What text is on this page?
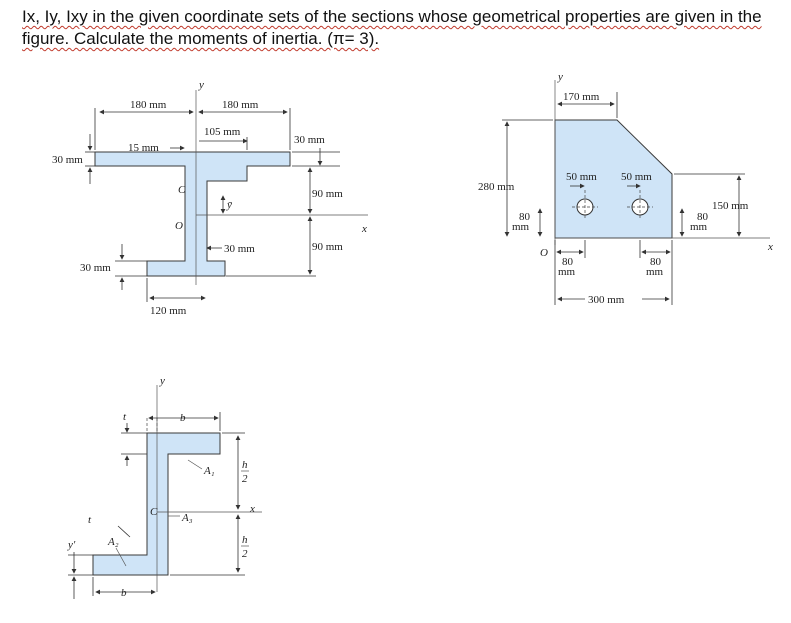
Ix, Iy, Ixy in the given coordinate sets of the sections whose geometrical properties are given in the
figure. Calculate the moments of inertia. (π= 3).
y
x
180 mm	180 mm
105 mm
15 mm
30 mm
30 mm
90 mm
90 mm
30 mm
30 mm
120 mm
C
O
ȳ
y
x
170 mm
280 mm
50 mm 50 mm
80
mm
150 mm
80
mm
80
mm
80
mm
300 mm
O
y
x
b
t
A₁
A₃
C
h
2
h
2
A₂
t
y′
b
